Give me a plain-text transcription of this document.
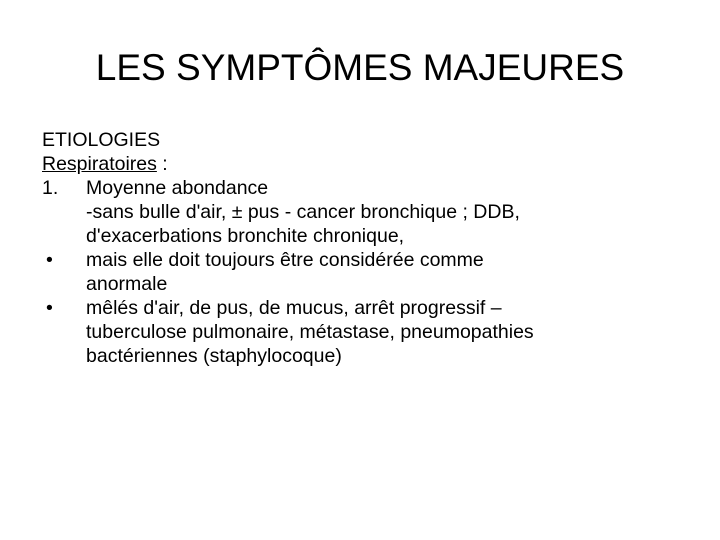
LES SYMPTÔMES MAJEURES
ETIOLOGIES
Respiratoires :
1. Moyenne abondance
-sans bulle d'air, ± pus - cancer bronchique ; DDB,
d'exacerbations bronchite chronique,
• mais elle doit toujours être considérée comme
anormale
• mêlés d'air, de pus, de mucus, arrêt progressif –
tuberculose pulmonaire, métastase, pneumopathies
bactériennes (staphylocoque)
